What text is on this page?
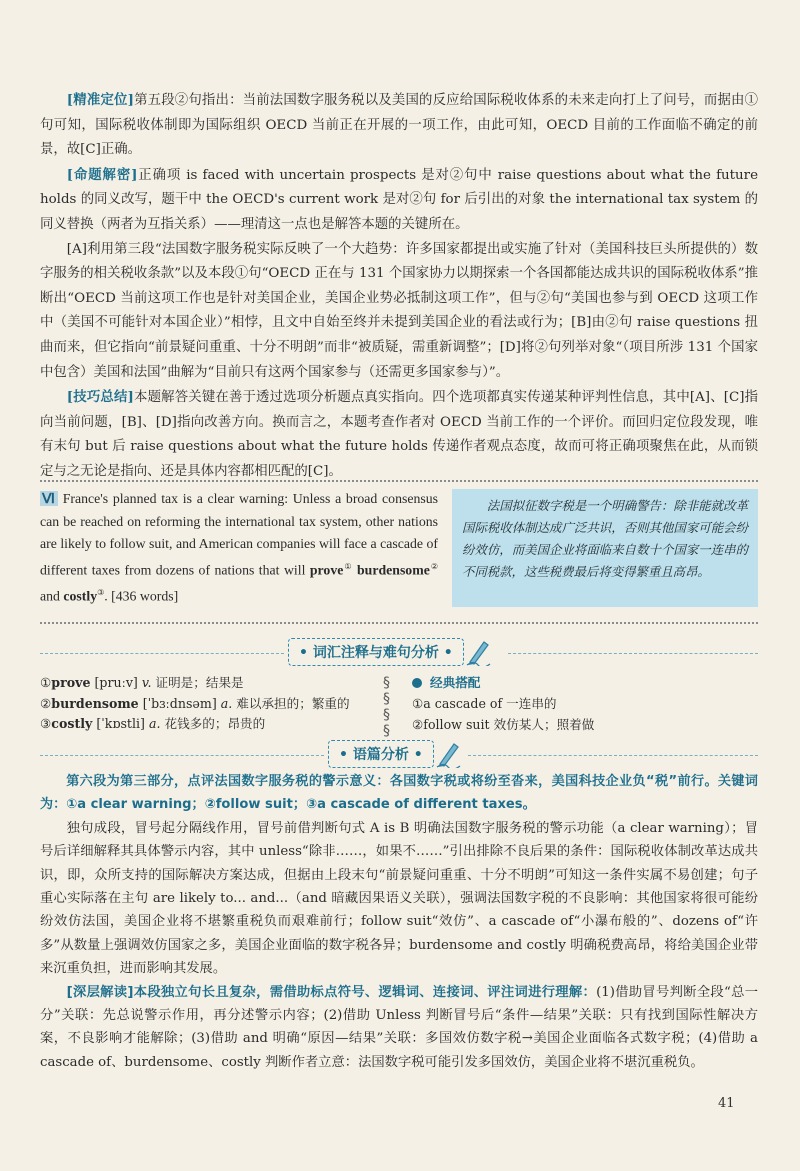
[精准定位]第五段②句指出：当前法国数字服务税以及美国的反应给国际税收体系的未来走向打上了问号，而据由①句可知，国际税收体制即为国际组织 OECD 当前正在开展的一项工作，由此可知，OECD 目前的工作面临不确定的前景，故[C]正确。

[命题解密]正确项 is faced with uncertain prospects 是对②句中 raise questions about what the future holds 的同义改写，题干中 the OECD's current work 是对②句 for 后引出的对象 the international tax system 的同义替换（两者为互指关系）——理清这一点也是解答本题的关键所在。

[A]利用第三段“法国数字服务税实际反映了一个大趋势：许多国家都提出或实施了针对（美国科技巨头所提供的）数字服务的相关税收条款”以及本段①句“OECD 正在与 131 个国家协力以期探索一个各国都能达成共识的国际税收体系”推断出“OECD 当前这项工作也是针对美国企业，美国企业势必抵制这项工作”，但与②句“美国也参与到 OECD 这项工作中（美国不可能针对本国企业）”相悖，且文中自始至终并未提到美国企业的看法或行为；[B]由②句 raise questions 扭曲而来，但它指向“前景疑问重重、十分不明朗”而非“被质疑，需重新调整”；[D]将②句列举对象“（项目所涉 131 个国家中包含）美国和法国”曲解为“目前只有这两个国家参与（还需更多国家参与）”。

[技巧总结]本题解答关键在善于透过选项分析题点真实指向。四个选项都真实传递某种评判性信息，其中[A]、[C]指向当前问题，[B]、[D]指向改善方向。换而言之，本题考查作者对 OECD 当前工作的一个评价。而回归定位段发现，唯有末句 but 后 raise questions about what the future holds 传递作者观点态度，故而可将正确项聚焦在此，从而锁定与之无论是指向、还是具体内容都相匹配的[C]。

Ⅵ France's planned tax is a clear warning: Unless a broad consensus can be reached on reforming the international tax system, other nations are likely to follow suit, and American companies will face a cascade of different taxes from dozens of nations that will prove① burdensome② and costly③. [436 words]

法国拟征数字税是一个明确警告：除非能就改革国际税收体制达成广泛共识，否则其他国家可能会纷纷效仿，而美国企业将面临来自数十个国家一连串的不同税款，这些税费最后将变得繁重且高昂。

• 词汇注释与难句分析 •
①prove [pruːv] v. 证明是；结果是
②burdensome [ˈbɜːdnsəm] a. 难以承担的；繁重的
③costly [ˈkɒstli] a. 花钱多的；昂贵的
§
§
§
§
经典搭配
①a cascade of 一连串的
②follow suit 效仿某人；照着做
• 语篇分析 •

第六段为第三部分，点评法国数字服务税的警示意义：各国数字税或将纷至沓来，美国科技企业负“税”前行。关键词为：①a clear warning；②follow suit；③a cascade of different taxes。

独句成段，冒号起分隔线作用，冒号前借判断句式 A is B 明确法国数字服务税的警示功能（a clear warning）；冒号后详细解释其具体警示内容，其中 unless“除非……，如果不……”引出排除不良后果的条件：国际税收体制改革达成共识，即，众所支持的国际解决方案达成，但据由上段末句“前景疑问重重、十分不明朗”可知这一条件实属不易创建；句子重心实际落在主句 are likely to... and...（and 暗藏因果语义关联），强调法国数字税的不良影响：其他国家将很可能纷纷效仿法国，美国企业将不堪繁重税负而艰难前行；follow suit“效仿”、a cascade of“小瀑布般的”、dozens of“许多”从数量上强调效仿国家之多，美国企业面临的数字税各异；burdensome and costly 明确税费高昂，将给美国企业带来沉重负担，进而影响其发展。

[深层解读]本段独立句长且复杂，需借助标点符号、逻辑词、连接词、评注词进行理解：(1)借助冒号判断全段“总一分”关联：先总说警示作用，再分述警示内容；(2)借助 Unless 判断冒号后“条件—结果”关联：只有找到国际性解决方案，不良影响才能解除；(3)借助 and 明确“原因—结果”关联：多国效仿数字税→美国企业面临各式数字税；(4)借助 a cascade of、burdensome、costly 判断作者立意：法国数字税可能引发多国效仿，美国企业将不堪沉重税负。

41
